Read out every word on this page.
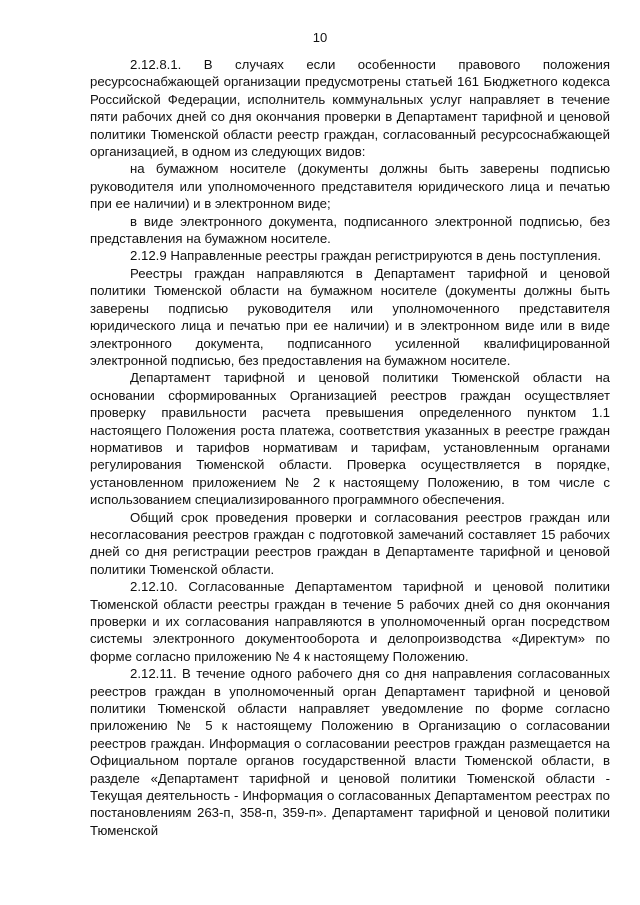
10

2.12.8.1. В случаях если особенности правового положения ресурсоснабжающей организации предусмотрены статьей 161 Бюджетного кодекса Российской Федерации, исполнитель коммунальных услуг направляет в течение пяти рабочих дней со дня окончания проверки в Департамент тарифной и ценовой политики Тюменской области реестр граждан, согласованный ресурсоснабжающей организацией, в одном из следующих видов:

на бумажном носителе (документы должны быть заверены подписью руководителя или уполномоченного представителя юридического лица и печатью при ее наличии) и в электронном виде;

в виде электронного документа, подписанного электронной подписью, без представления на бумажном носителе.

2.12.9 Направленные реестры граждан регистрируются в день поступления.

Реестры граждан направляются в Департамент тарифной и ценовой политики Тюменской области на бумажном носителе (документы должны быть заверены подписью руководителя или уполномоченного представителя юридического лица и печатью при ее наличии) и в электронном виде или в виде электронного документа, подписанного усиленной квалифицированной электронной подписью, без предоставления на бумажном носителе.

Департамент тарифной и ценовой политики Тюменской области на основании сформированных Организацией реестров граждан осуществляет проверку правильности расчета превышения определенного пунктом 1.1 настоящего Положения роста платежа, соответствия указанных в реестре граждан нормативов и тарифов нормативам и тарифам, установленным органами регулирования Тюменской области. Проверка осуществляется в порядке, установленном приложением № 2 к настоящему Положению, в том числе с использованием специализированного программного обеспечения.

Общий срок проведения проверки и согласования реестров граждан или несогласования реестров граждан с подготовкой замечаний составляет 15 рабочих дней со дня регистрации реестров граждан в Департаменте тарифной и ценовой политики Тюменской области.

2.12.10. Согласованные Департаментом тарифной и ценовой политики Тюменской области реестры граждан в течение 5 рабочих дней со дня окончания проверки и их согласования направляются в уполномоченный орган посредством системы электронного документооборота и делопроизводства «Директум» по форме согласно приложению № 4 к настоящему Положению.

2.12.11. В течение одного рабочего дня со дня направления согласованных реестров граждан в уполномоченный орган Департамент тарифной и ценовой политики Тюменской области направляет уведомление по форме согласно приложению № 5 к настоящему Положению в Организацию о согласовании реестров граждан. Информация о согласовании реестров граждан размещается на Официальном портале органов государственной власти Тюменской области, в разделе «Департамент тарифной и ценовой политики Тюменской области - Текущая деятельность - Информация о согласованных Департаментом реестрах по постановлениям 263-п, 358-п, 359-п». Департамент тарифной и ценовой политики Тюменской
